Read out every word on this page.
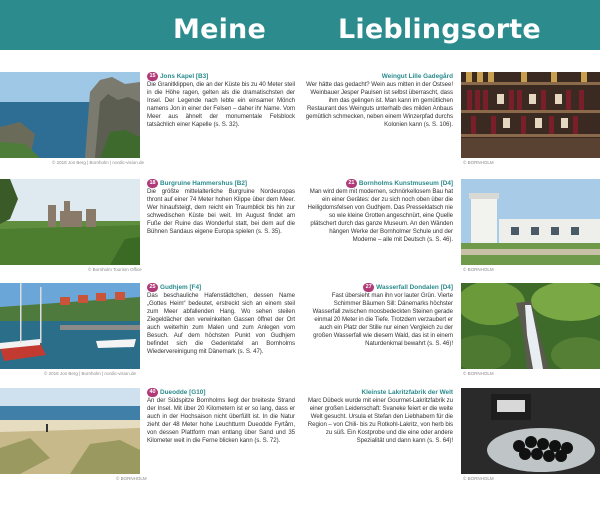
Meine	Lieblingsorte
© 2018 Jon Berg | Bornholm | nordic-vision.de
15 Jons Kapel [B3]
Die Granitklippen, die an der Küste bis zu 40 Meter steil in die Höhe ragen, gelten als die dramatischsten der Insel. Der Legende nach lebte ein einsamer Mönch namens Jon in einer der Felsen – daher ihr Name. Vom Meer aus ähnelt der monumentale Felsblock tatsächlich einer Kapelle (s. S. 32).
Weingut Lille Gadegård
Wer hätte das gedacht? Wein aus mitten in der Ostsee! Weinbauer Jesper Paulsen ist selbst überrascht, dass ihm das gelingen ist. Man kann im gemütlichen Restaurant des Weinguts unterhalb des milden Anbaus gemütlich schmecken, neben einem Winzerpfad durchs Kolonien kann (s. S. 106).
© BORNHOLM
© Bornholm Tourism Office
18 Burgruine Hammershus [B2]
Die größte mittelalterliche Burgruine Nordeuropas thront auf einer 74 Meter hohen Klippe über dem Meer. Wer hinaufsteigt, dem reicht ein Traumblick bis hin zur schwedischen Küste bei weit. Im August findet am Fuße der Ruine das Wonderful statt, bei dem auf die Bühnen Sandaus eigene Europa spielen (s. S. 35).
21 Bornholms Kunstmuseum [D4]
Man wird dem mit modernen, schnörkellosem Bau hat ein einer Gerätes: der zu sich noch oben über die Heiligdomsfelsen von Gudhjem. Das Presseklatsch nie so wie kleine Grotten angeschnürt, eine Quelle plätschert durch das ganze Museum. An den Wänden hängen Werke der Bornholmer Schule und der Moderne – alle mit Deutsch (s. S. 46).
© BORNHOLM
© 2018 Jon Berg | Bornholm | nordic-vision.de
25 Gudhjem [F4]
Das beschauliche Hafenstädtchen, dessen Name „Gottes Heim“ bedeutet, erstreckt sich an einem steil zum Meer abfallenden Hang. Wo sehen steilen Ziegeldächer den verwinkelten Gassen öffnet der Ort auch weiterhin zum Malen und zum Anlegen vom Besuch. Auf dem höchsten Punkt von Gudhjem befindet sich die Gedenktafel an Bornholms Wiedervereinigung mit Dänemark (s. S. 47).
27 Wasserfall Dondalen [D4]
Fast übersieht man ihn vor lauter Grün. Vierte Schimmer Bäumen Sill: Dänemarks höchster Wasserfall zwischen moosbedeckten Steinen gerade einmal 20 Meter in die Tiefe. Trotzdem verzaubert er auch ein Platz der Stille nur einen Vergleich zu der großen Wasserfall wie diesem Wald, das ist in einem Naturdenkmal bewahrt (s. S. 46)!
© BORNHOLM
© BORNHOLM
40 Dueodde [G10]
An der Südspitze Bornholms liegt der breiteste Strand der Insel. Mit über 20 Kilometern ist er so lang, dass er auch in der Hochsaison nicht überfüllt ist. In die Natur zieht der 48 Meter hohe Leuchtturm Dueodde Fyrtårn, von dessen Plattform man entlang über Sand und 35 Kilometer weit in die Ferne blicken kann (s. S. 72).
Kleinste Lakritzfabrik der Welt
Marc Dübeck wurde mit einer Gourmet-Lakritzfabrik zu einer großen Leidenschaft: Svaneke feiert er die weite Welt gesucht. Ursula et Stefan den Liebhabern für die Region – von Chili- bis zu Rotkohl-Lakritz, von herb bis zu süß. Ein Kostprobe und die eine oder andere Spezialität und dann kann (s. S. 64)!
© BORNHOLM
